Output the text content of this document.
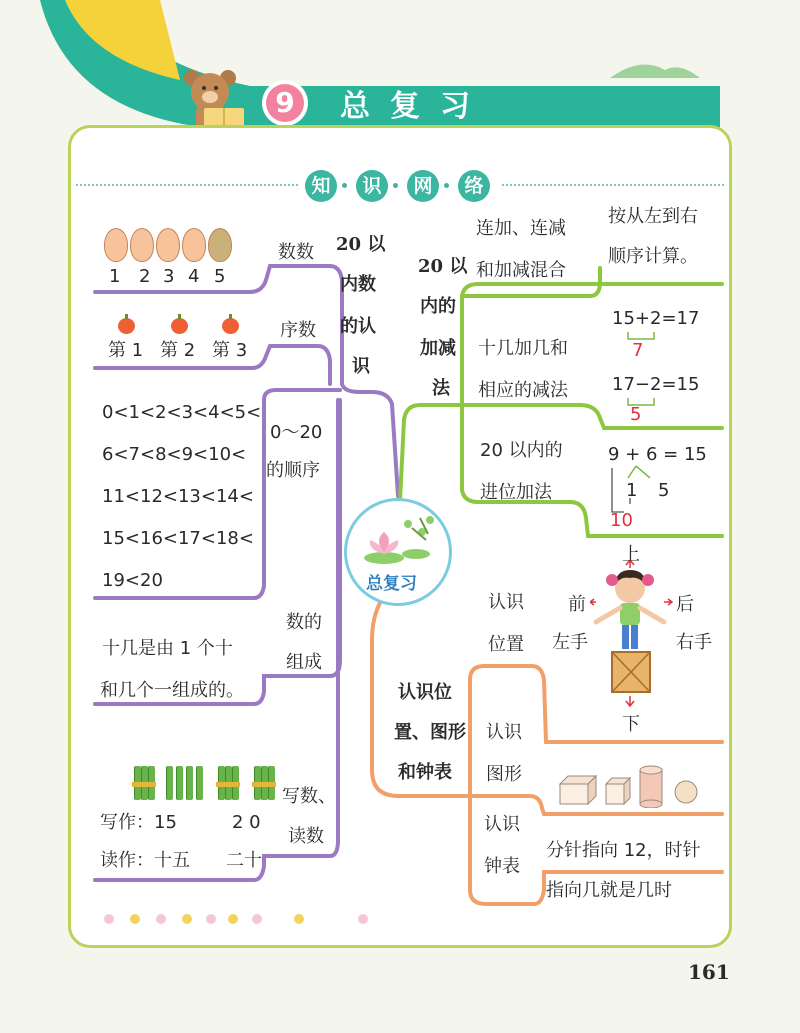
9	总复习
知	识	网	络
总复习
20 以
内数
的认
识
1 2 3 4 5
数数
第 1 第 2 第 3
序数
0<1<2<3<4<5<
6<7<8<9<10<
11<12<13<14<
15<16<17<18<
19<20
0～20
的顺序
十几是由 1 个十
和几个一组成的。
数的
组成
写作：15	2 0
读作：十五 二十
写数、
读数
20 以
内的
加减
法
连加、连减
和加减混合
按从左到右
顺序计算。
十几加几和
相应的减法
15+2=17
7
17−2=15
5
20 以内的
进位加法
9 + 6 = 15
1 5
10
认识位
置、图形
和钟表
认识
位置
上
前	后
左手	右手
下
认识
图形
认识
钟表
分针指向 12，时针
指向几就是几时
161
